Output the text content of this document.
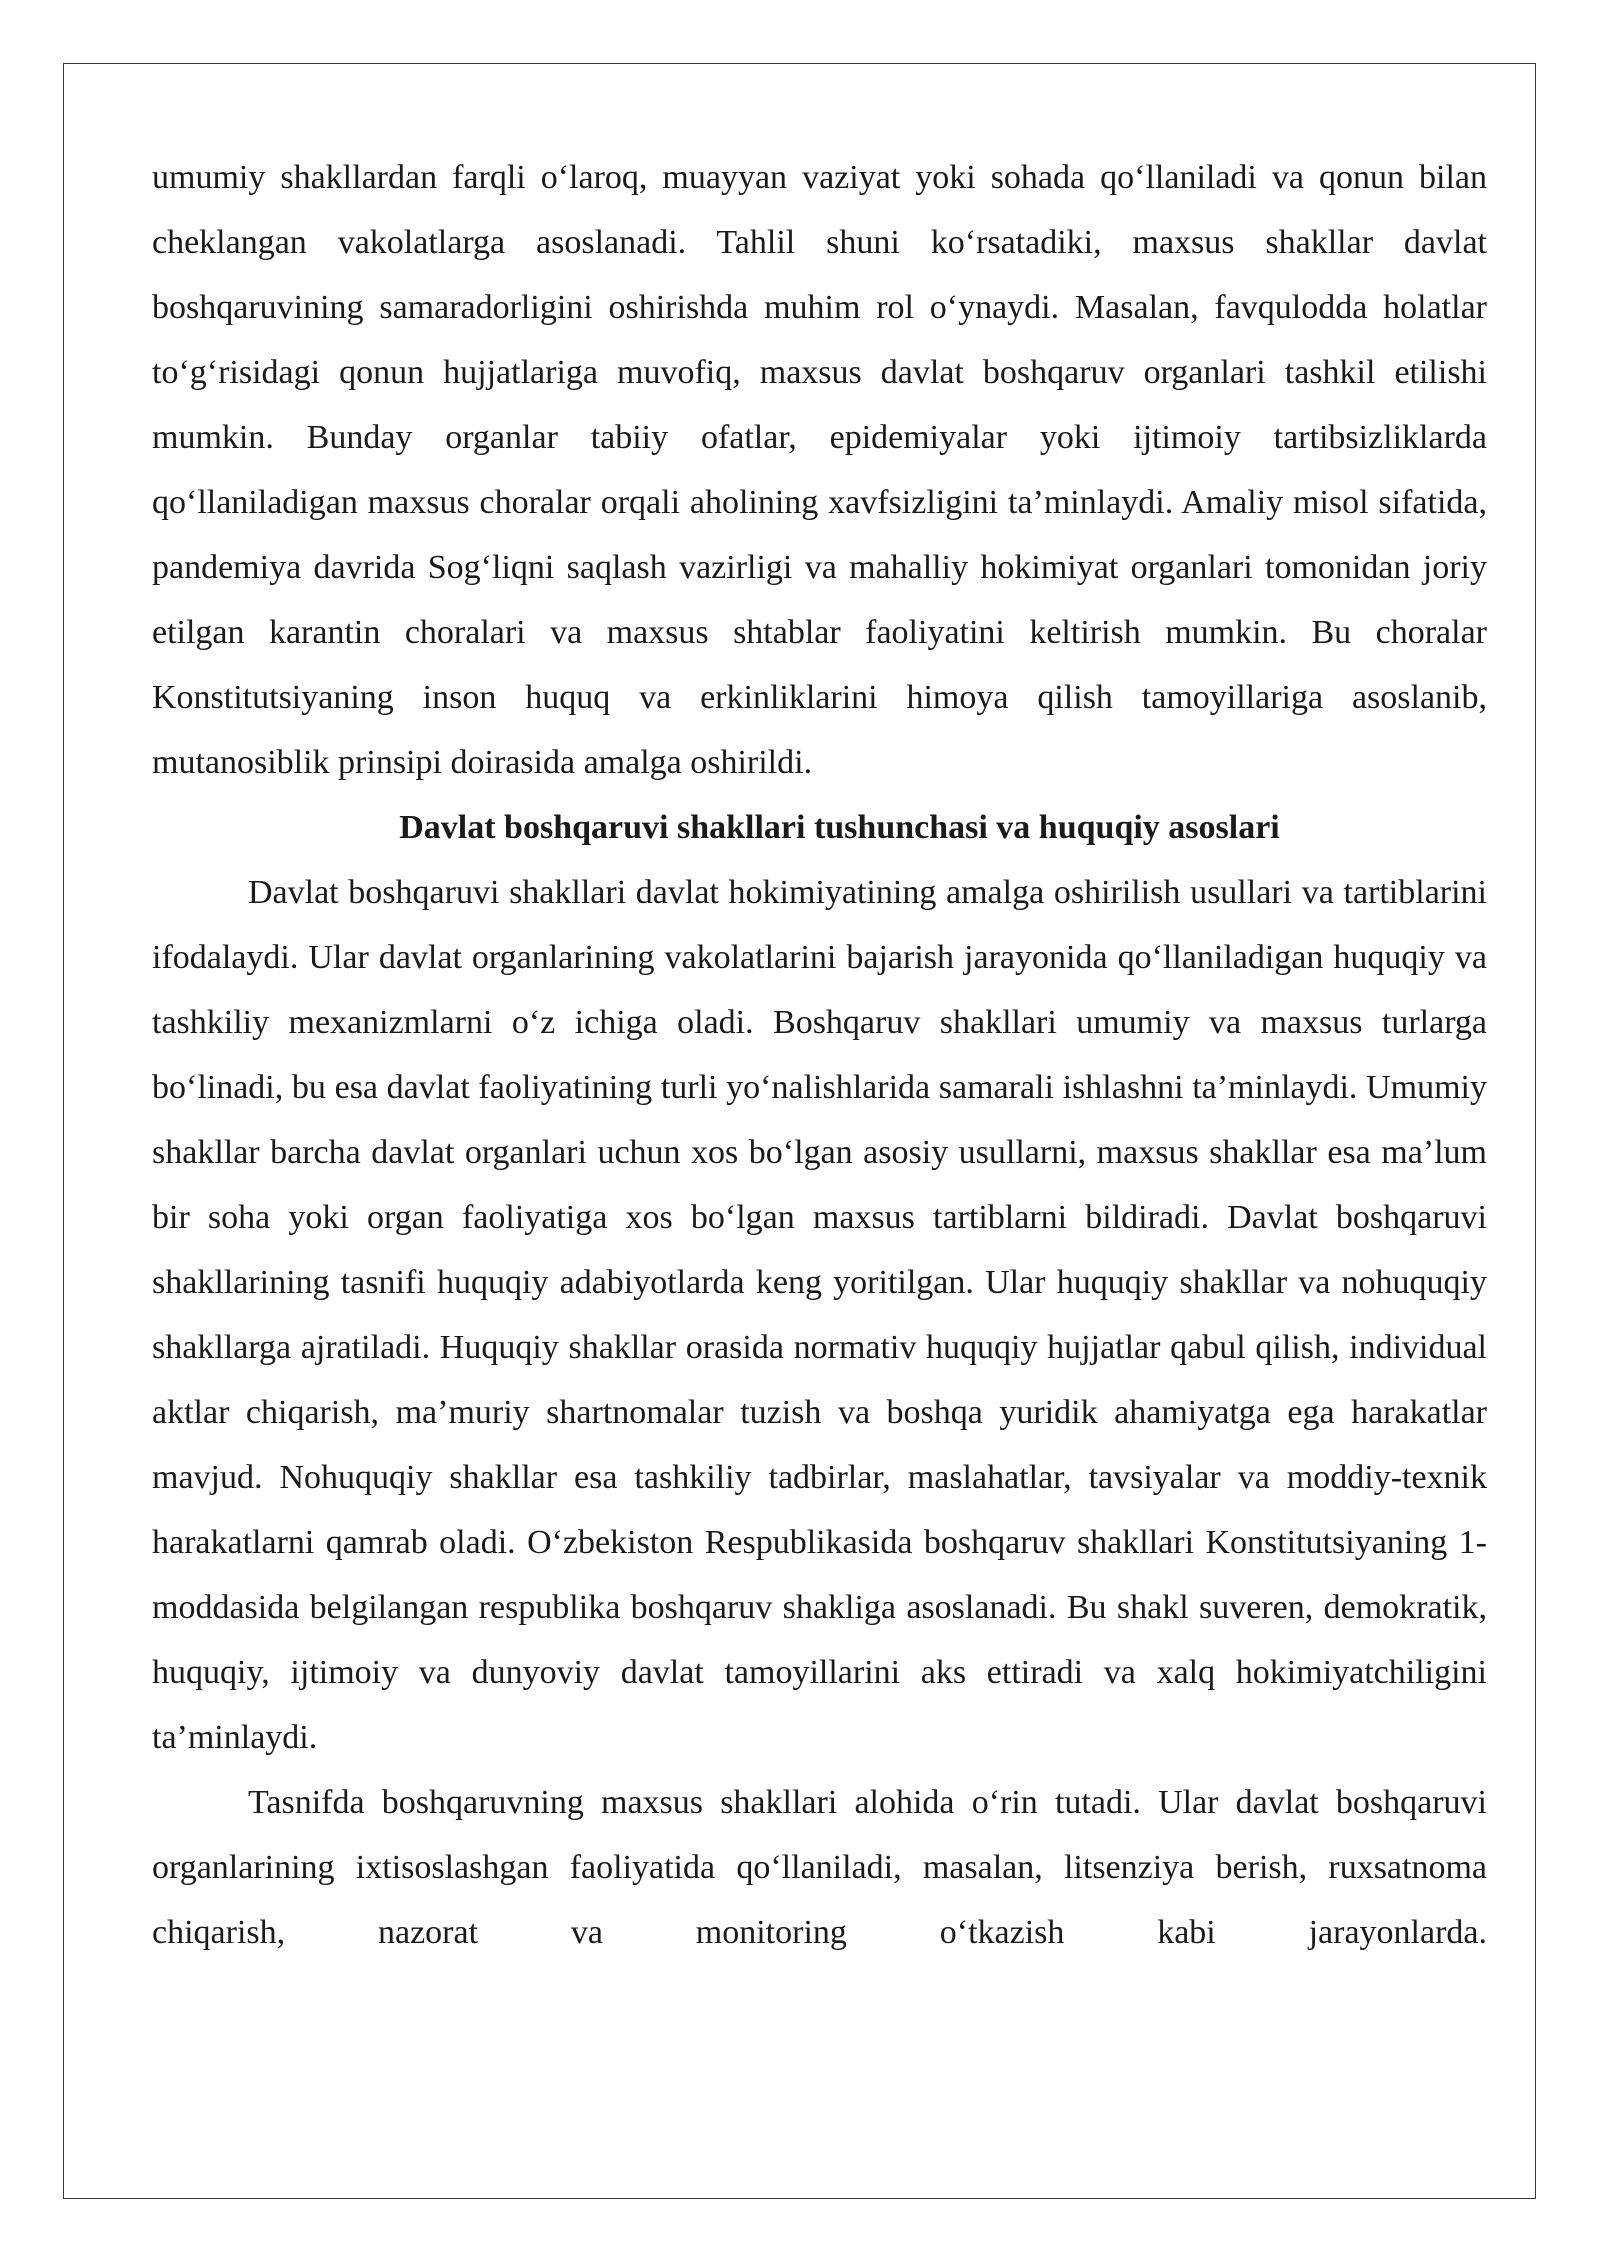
umumiy shakllardan farqli o‘laroq, muayyan vaziyat yoki sohada qo‘llaniladi va qonun bilan cheklangan vakolatlarga asoslanadi. Tahlil shuni ko‘rsatadiki, maxsus shakllar davlat boshqaruvining samaradorligini oshirishda muhim rol o‘ynaydi. Masalan, favqulodda holatlar to‘g‘risidagi qonun hujjatlariga muvofiq, maxsus davlat boshqaruv organlari tashkil etilishi mumkin. Bunday organlar tabiiy ofatlar, epidemiyalar yoki ijtimoiy tartibsizliklarda qo‘llaniladigan maxsus choralar orqali aholining xavfsizligini ta’minlaydi. Amaliy misol sifatida, pandemiya davrida Sog‘liqni saqlash vazirligi va mahalliy hokimiyat organlari tomonidan joriy etilgan karantin choralari va maxsus shtablar faoliyatini keltirish mumkin. Bu choralar Konstitutsiyaning inson huquq va erkinliklarini himoya qilish tamoyillariga asoslanib, mutanosiblik prinsipi doirasida amalga oshirildi.

Davlat boshqaruvi shakllari tushunchasi va huquqiy asoslari

Davlat boshqaruvi shakllari davlat hokimiyatining amalga oshirilish usullari va tartiblarini ifodalaydi. Ular davlat organlarining vakolatlarini bajarish jarayonida qo‘llaniladigan huquqiy va tashkiliy mexanizmlarni o‘z ichiga oladi. Boshqaruv shakllari umumiy va maxsus turlarga bo‘linadi, bu esa davlat faoliyatining turli yo‘nalishlarida samarali ishlashni ta’minlaydi. Umumiy shakllar barcha davlat organlari uchun xos bo‘lgan asosiy usullarni, maxsus shakllar esa ma’lum bir soha yoki organ faoliyatiga xos bo‘lgan maxsus tartiblarni bildiradi. Davlat boshqaruvi shakllarining tasnifi huquqiy adabiyotlarda keng yoritilgan. Ular huquqiy shakllar va nohuquqiy shakllarga ajratiladi. Huquqiy shakllar orasida normativ huquqiy hujjatlar qabul qilish, individual aktlar chiqarish, ma’muriy shartnomalar tuzish va boshqa yuridik ahamiyatga ega harakatlar mavjud. Nohuquqiy shakllar esa tashkiliy tadbirlar, maslahatlar, tavsiyalar va moddiy-texnik harakatlarni qamrab oladi. O‘zbekiston Respublikasida boshqaruv shakllari Konstitutsiyaning 1-moddasida belgilangan respublika boshqaruv shakliga asoslanadi. Bu shakl suveren, demokratik, huquqiy, ijtimoiy va dunyoviy davlat tamoyillarini aks ettiradi va xalq hokimiyatchiligini ta’minlaydi.

Tasnifda boshqaruvning maxsus shakllari alohida o‘rin tutadi. Ular davlat boshqaruvi organlarining ixtisoslashgan faoliyatida qo‘llaniladi, masalan, litsenziya berish, ruxsatnoma chiqarish, nazorat va monitoring o‘tkazish kabi jarayonlarda.
